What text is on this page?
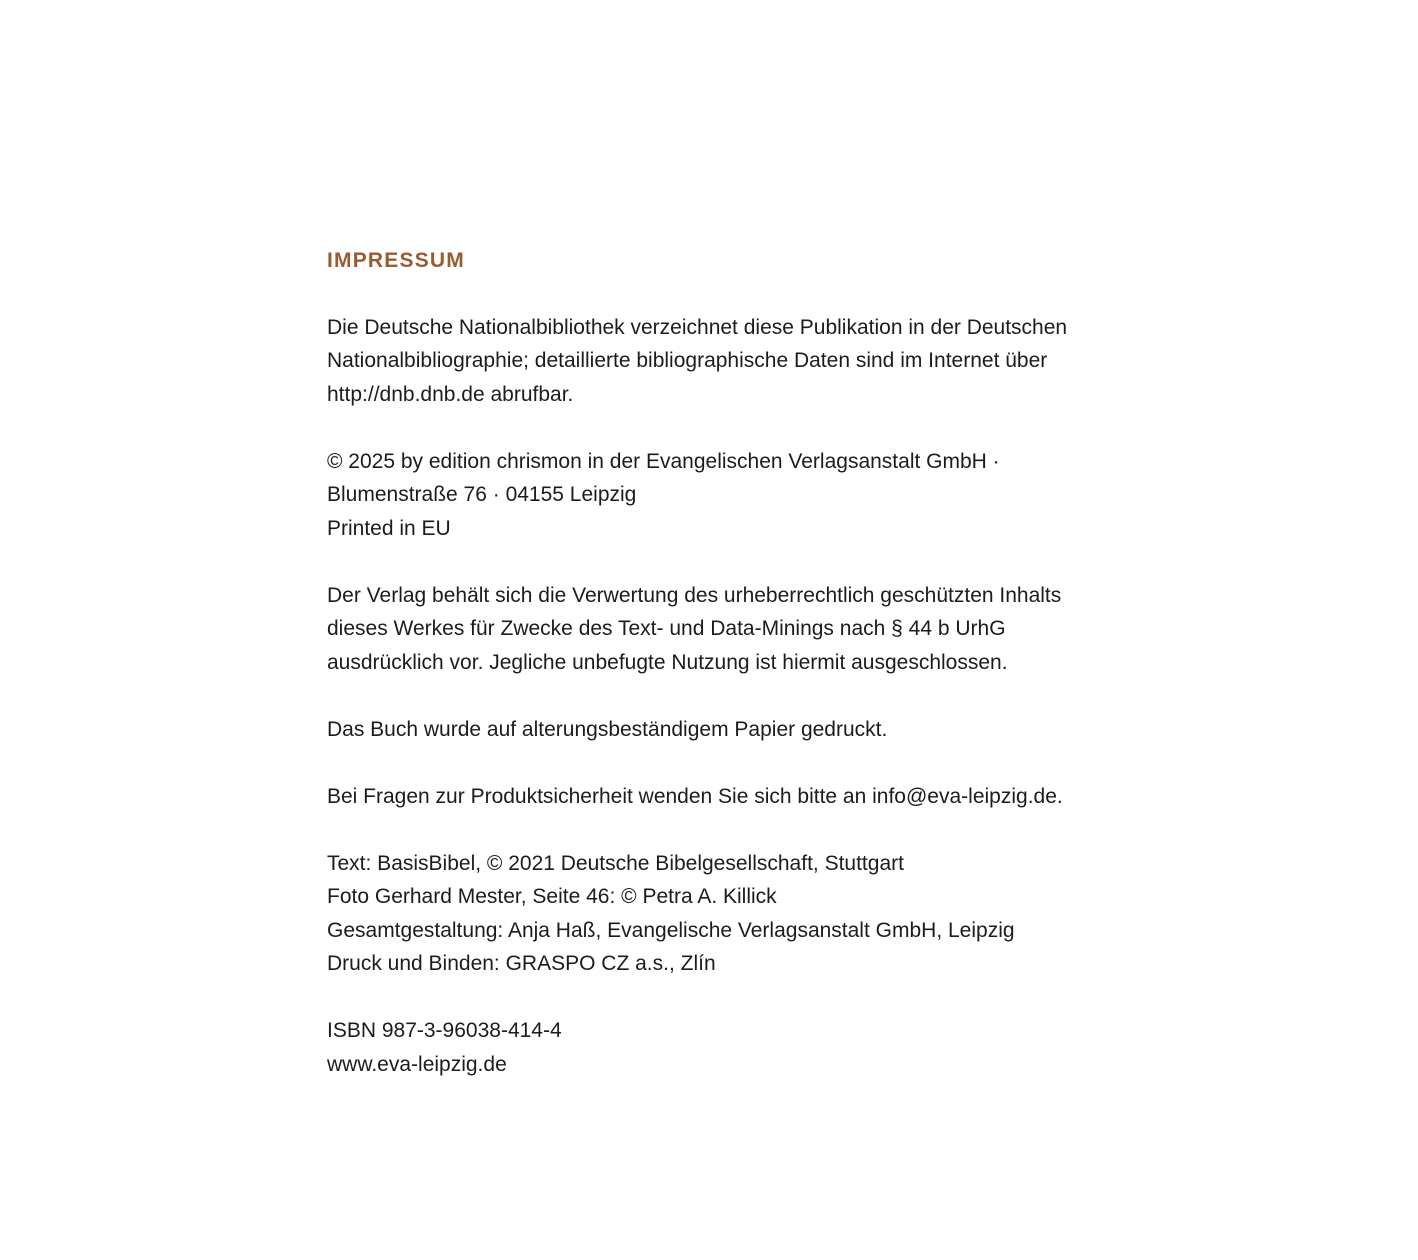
IMPRESSUM
Die Deutsche Nationalbibliothek verzeichnet diese Publikation in der Deutschen
Nationalbibliographie; detaillierte bibliographische Daten sind im Internet über
http://dnb.dnb.de abrufbar.
© 2025 by edition chrismon in der Evangelischen Verlagsanstalt GmbH ·
Blumenstraße 76 · 04155 Leipzig
Printed in EU
Der Verlag behält sich die Verwertung des urheberrechtlich geschützten Inhalts
dieses Werkes für Zwecke des Text- und Data-Minings nach § 44 b UrhG
ausdrücklich vor. Jegliche unbefugte Nutzung ist hiermit ausgeschlossen.
Das Buch wurde auf alterungsbeständigem Papier gedruckt.
Bei Fragen zur Produktsicherheit wenden Sie sich bitte an info@eva-leipzig.de.
Text: BasisBibel, © 2021 Deutsche Bibelgesellschaft, Stuttgart
Foto Gerhard Mester, Seite 46: © Petra A. Killick
Gesamtgestaltung: Anja Haß, Evangelische Verlagsanstalt GmbH, Leipzig
Druck und Binden: GRASPO CZ a.s., Zlín
ISBN 987-3-96038-414-4
www.eva-leipzig.de
